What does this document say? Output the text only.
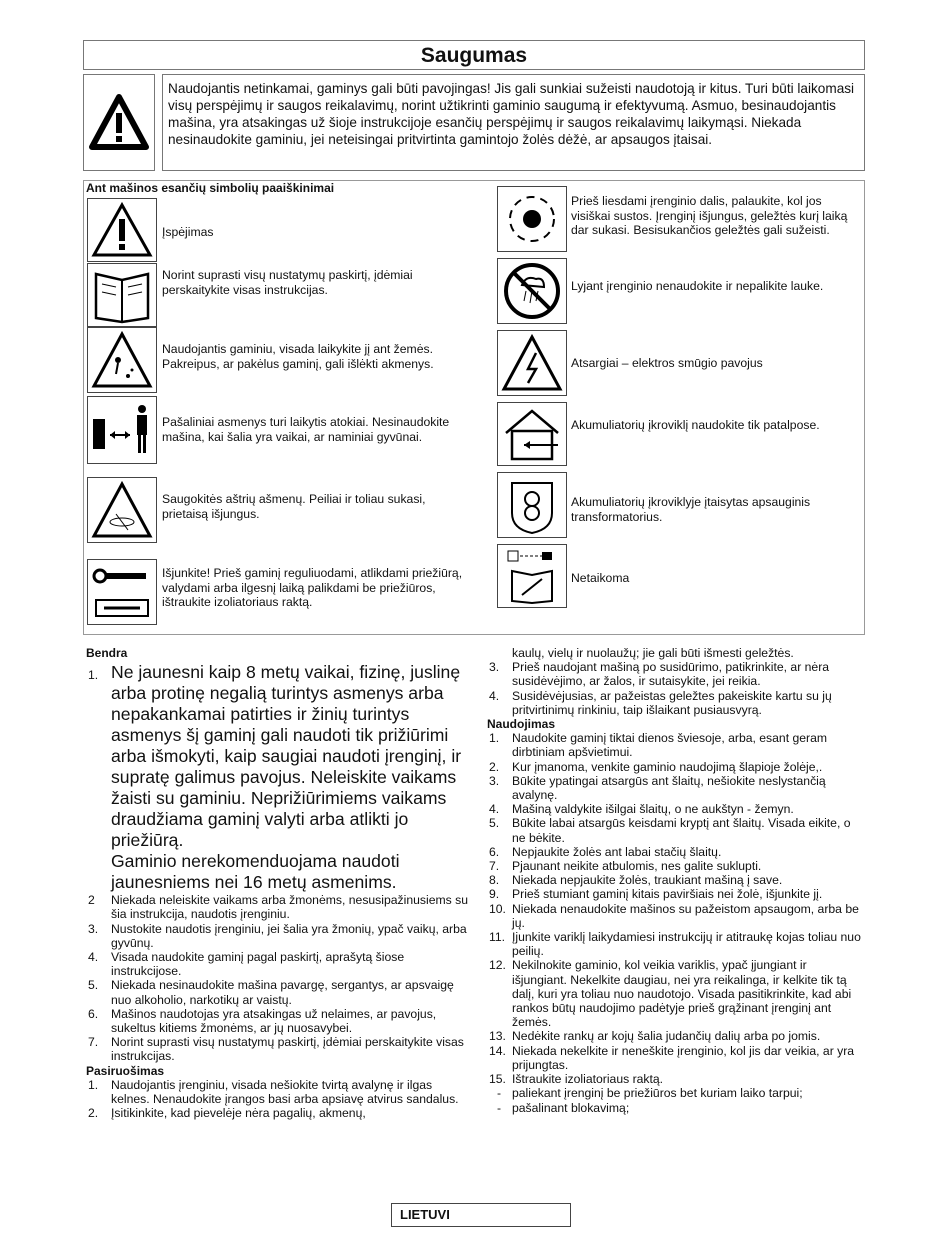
Saugumas
Naudojantis netinkamai, gaminys gali būti pavojingas! Jis gali sunkiai sužeisti naudotoją ir kitus. Turi būti laikomasi visų perspėjimų ir saugos reikalavimų, norint užtikrinti gaminio saugumą ir efektyvumą. Asmuo, besinaudojantis mašina, yra atsakingas už šioje instrukcijoje esančių perspėjimų ir saugos reikalavimų laikymąsi. Niekada nesinaudokite gaminiu, jei neteisingai pritvirtinta gamintojo žolės dėžė, ar apsaugos įtaisai.
Ant mašinos esančių simbolių paaiškinimai
Įspėjimas
Norint suprasti visų nustatymų paskirtį, įdėmiai perskaitykite visas instrukcijas.
Naudojantis gaminiu, visada laikykite jį ant žemės. Pakreipus, ar pakėlus gaminį, gali išlėkti akmenys.
Pašaliniai asmenys turi laikytis atokiai. Nesinaudokite mašina, kai šalia yra vaikai, ar naminiai gyvūnai.
Saugokitės aštrių ašmenų. Peiliai ir toliau sukasi, prietaisą išjungus.
Išjunkite! Prieš gaminį reguliuodami, atlikdami priežiūrą, valydami arba ilgesnį laiką palikdami be priežiūros, ištraukite izoliatoriaus raktą.
Prieš liesdami įrenginio dalis, palaukite, kol jos visiškai sustos. Įrenginį išjungus, geležtės kurį laiką dar sukasi. Besisukančios geležtės gali sužeisti.
Lyjant įrenginio nenaudokite ir nepalikite lauke.
Atsargiai – elektros smūgio pavojus
Akumuliatorių įkroviklį naudokite tik patalpose.
Akumuliatorių įkroviklyje įtaisytas apsauginis transformatorius.
Netaikoma
Bendra
1. Ne jaunesni kaip 8 metų vaikai, fizinę, juslinę arba protinę negalią turintys asmenys arba nepakankamai patirties ir žinių turintys asmenys šį gaminį gali naudoti tik prižiūrimi arba išmokyti, kaip saugiai naudoti įrenginį, ir supratę galimus pavojus. Neleiskite vaikams žaisti su gaminiu. Neprižiūrimiems vaikams draudžiama gaminį valyti arba atlikti jo priežiūrą.
Gaminio nerekomenduojama naudoti jaunesniems nei 16 metų asmenims.
2 Niekada neleiskite vaikams arba žmonėms, nesusipažinusiems su šia instrukcija, naudotis įrenginiu.
3. Nustokite naudotis įrenginiu, jei šalia yra žmonių, ypač vaikų, arba gyvūnų.
4. Visada naudokite gaminį pagal paskirtį, aprašytą šiose instrukcijose.
5. Niekada nesinaudokite mašina pavargę, sergantys, ar apsvaigę nuo alkoholio, narkotikų ar vaistų.
6. Mašinos naudotojas yra atsakingas už nelaimes, ar pavojus, sukeltus kitiems žmonėms, ar jų nuosavybei.
7. Norint suprasti visų nustatymų paskirtį, įdėmiai perskaitykite visas instrukcijas.
Pasiruošimas
1. Naudojantis įrenginiu, visada nešiokite tvirtą avalynę ir ilgas kelnes. Nenaudokite įrangos basi arba apsiavę atvirus sandalus.
2. Įsitikinkite, kad pievelėje nėra pagalių, akmenų,
kaulų, vielų ir nuolaužų; jie gali būti išmesti geležtės.
3. Prieš naudojant mašiną po susidūrimo, patikrinkite, ar nėra susidėvėjimo, ar žalos, ir sutaisykite, jei reikia.
4. Susidėvėjusias, ar pažeistas geležtes pakeiskite kartu su jų pritvirtinimų rinkiniu, taip išlaikant pusiausvyrą.
Naudojimas
1. Naudokite gaminį tiktai dienos šviesoje, arba, esant geram dirbtiniam apšvietimui.
2. Kur įmanoma, venkite gaminio naudojimą šlapioje žolėje,.
3. Būkite ypatingai atsargūs ant šlaitų, nešiokite neslystančią avalynę.
4. Mašiną valdykite išilgai šlaitų, o ne aukštyn - žemyn.
5. Būkite labai atsargūs keisdami kryptį ant šlaitų. Visada eikite, o ne bėkite.
6. Nepjaukite žolės ant labai stačių šlaitų.
7. Pjaunant neikite atbulomis, nes galite suklupti.
8. Niekada nepjaukite žolės, traukiant mašiną į save.
9. Prieš stumiant gaminį kitais paviršiais nei žolė, išjunkite jį.
10. Niekada nenaudokite mašinos su pažeistom apsaugom, arba be jų.
11. Įjunkite variklį laikydamiesi instrukcijų ir atitraukę kojas toliau nuo peilių.
12. Nekilnokite gaminio, kol veikia variklis, ypač įjungiant ir išjungiant. Nekelkite daugiau, nei yra reikalinga, ir kelkite tik tą dalį, kuri yra toliau nuo naudotojo. Visada pasitikrinkite, kad abi rankos būtų naudojimo padėtyje prieš grąžinant įrenginį ant žemės.
13. Nedėkite rankų ar kojų šalia judančių dalių arba po jomis.
14. Niekada nekelkite ir neneškite įrenginio, kol jis dar veikia, ar yra prijungtas.
15. Ištraukite izoliatoriaus raktą.
- paliekant įrenginį be priežiūros bet kuriam laiko tarpui;
- pašalinant blokavimą;
LIETUVI
